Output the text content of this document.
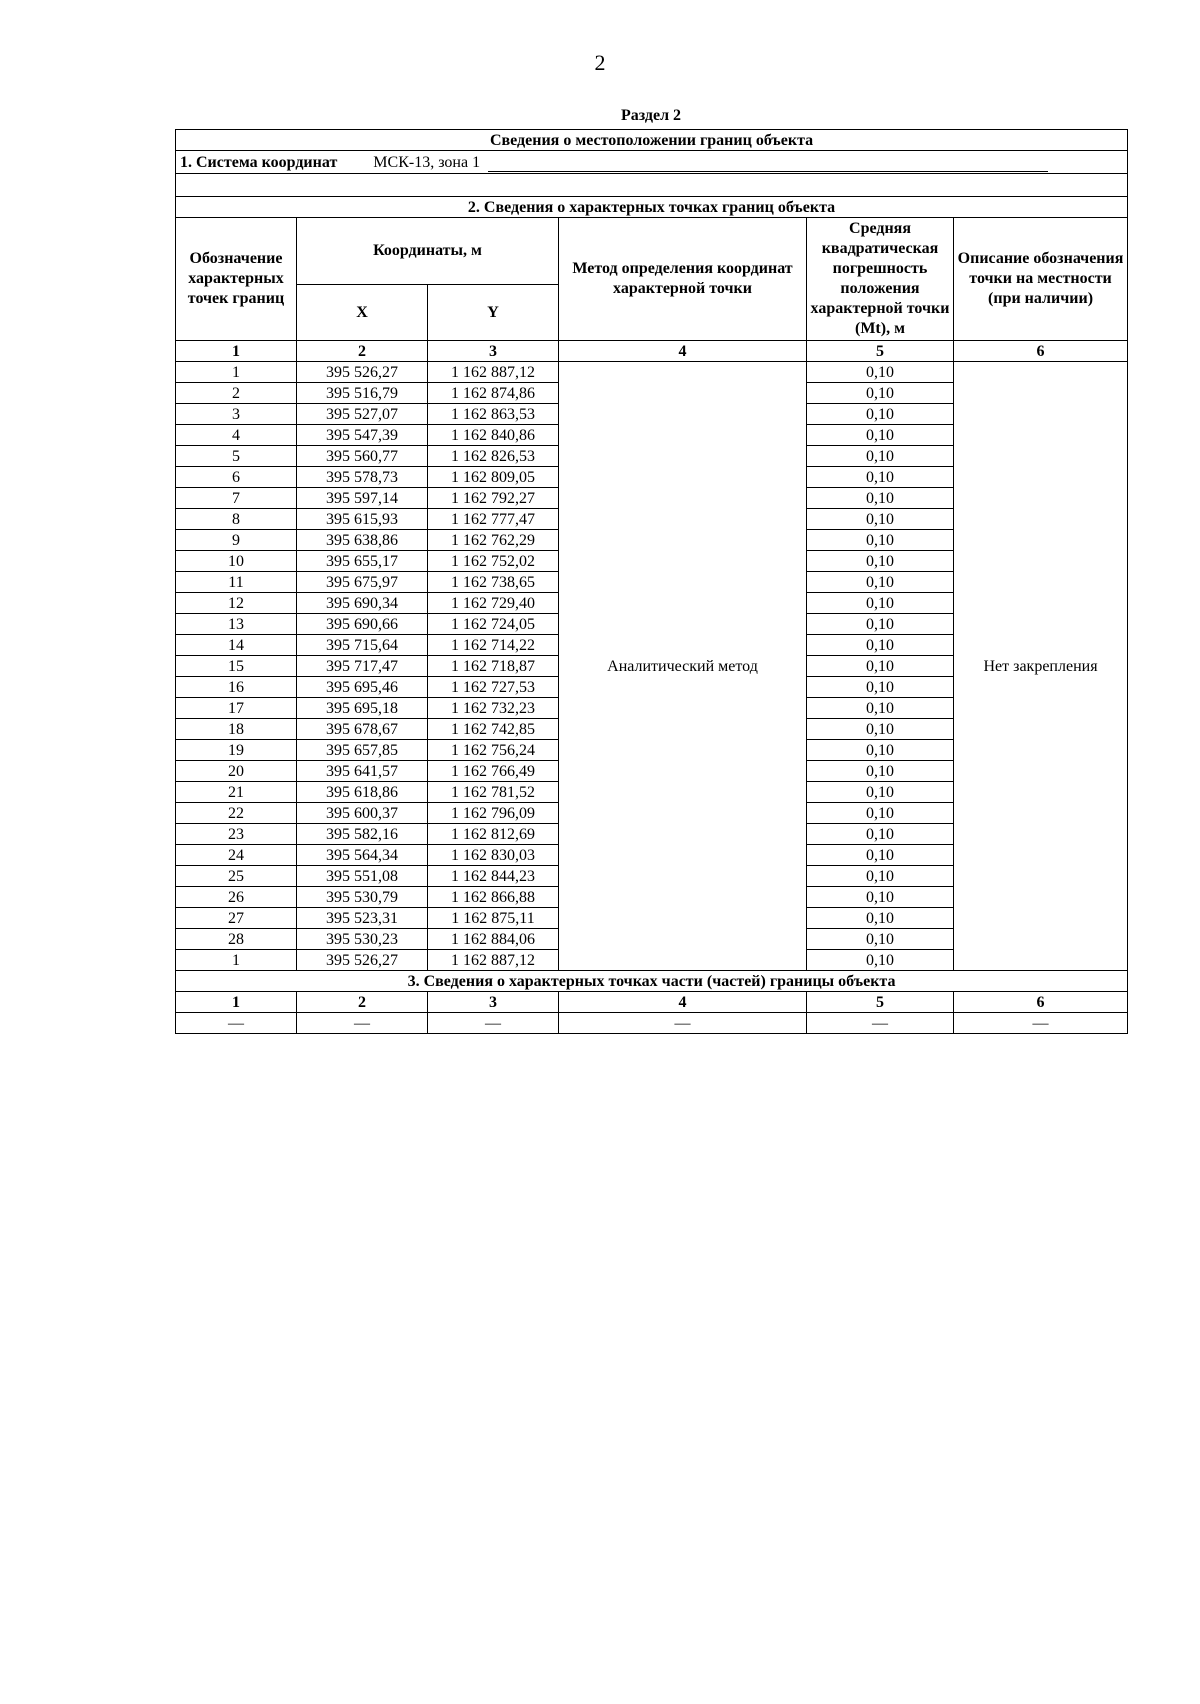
2
Раздел 2
Сведения о местоположении границ объекта					
1. Система координат МСК-13, зона 1					

2. Сведения о характерных точках границ объекта					
Обозначение характерных точек границ	Координаты, м		Метод определения координат характерной точки	Средняя квадратическая погрешность положения характерной точки (Mt), м	Описание обозначения точки на местности (при наличии)
	X	Y			
1	2	3	4	5	6
1	395 526,27	1 162 887,12	Аналитический метод	0,10	Нет закрепления
2	395 516,79	1 162 874,86		0,10	
3	395 527,07	1 162 863,53		0,10	
4	395 547,39	1 162 840,86		0,10	
5	395 560,77	1 162 826,53		0,10	
6	395 578,73	1 162 809,05		0,10	
7	395 597,14	1 162 792,27		0,10	
8	395 615,93	1 162 777,47		0,10	
9	395 638,86	1 162 762,29		0,10	
10	395 655,17	1 162 752,02		0,10	
11	395 675,97	1 162 738,65		0,10	
12	395 690,34	1 162 729,40		0,10	
13	395 690,66	1 162 724,05		0,10	
14	395 715,64	1 162 714,22		0,10	
15	395 717,47	1 162 718,87		0,10	
16	395 695,46	1 162 727,53		0,10	
17	395 695,18	1 162 732,23		0,10	
18	395 678,67	1 162 742,85		0,10	
19	395 657,85	1 162 756,24		0,10	
20	395 641,57	1 162 766,49		0,10	
21	395 618,86	1 162 781,52		0,10	
22	395 600,37	1 162 796,09		0,10	
23	395 582,16	1 162 812,69		0,10	
24	395 564,34	1 162 830,03		0,10	
25	395 551,08	1 162 844,23		0,10	
26	395 530,79	1 162 866,88		0,10	
27	395 523,31	1 162 875,11		0,10	
28	395 530,23	1 162 884,06		0,10	
1	395 526,27	1 162 887,12		0,10	
3. Сведения о характерных точках части (частей) границы объекта					
1	2	3	4	5	6
—	—	—	—	—	—
